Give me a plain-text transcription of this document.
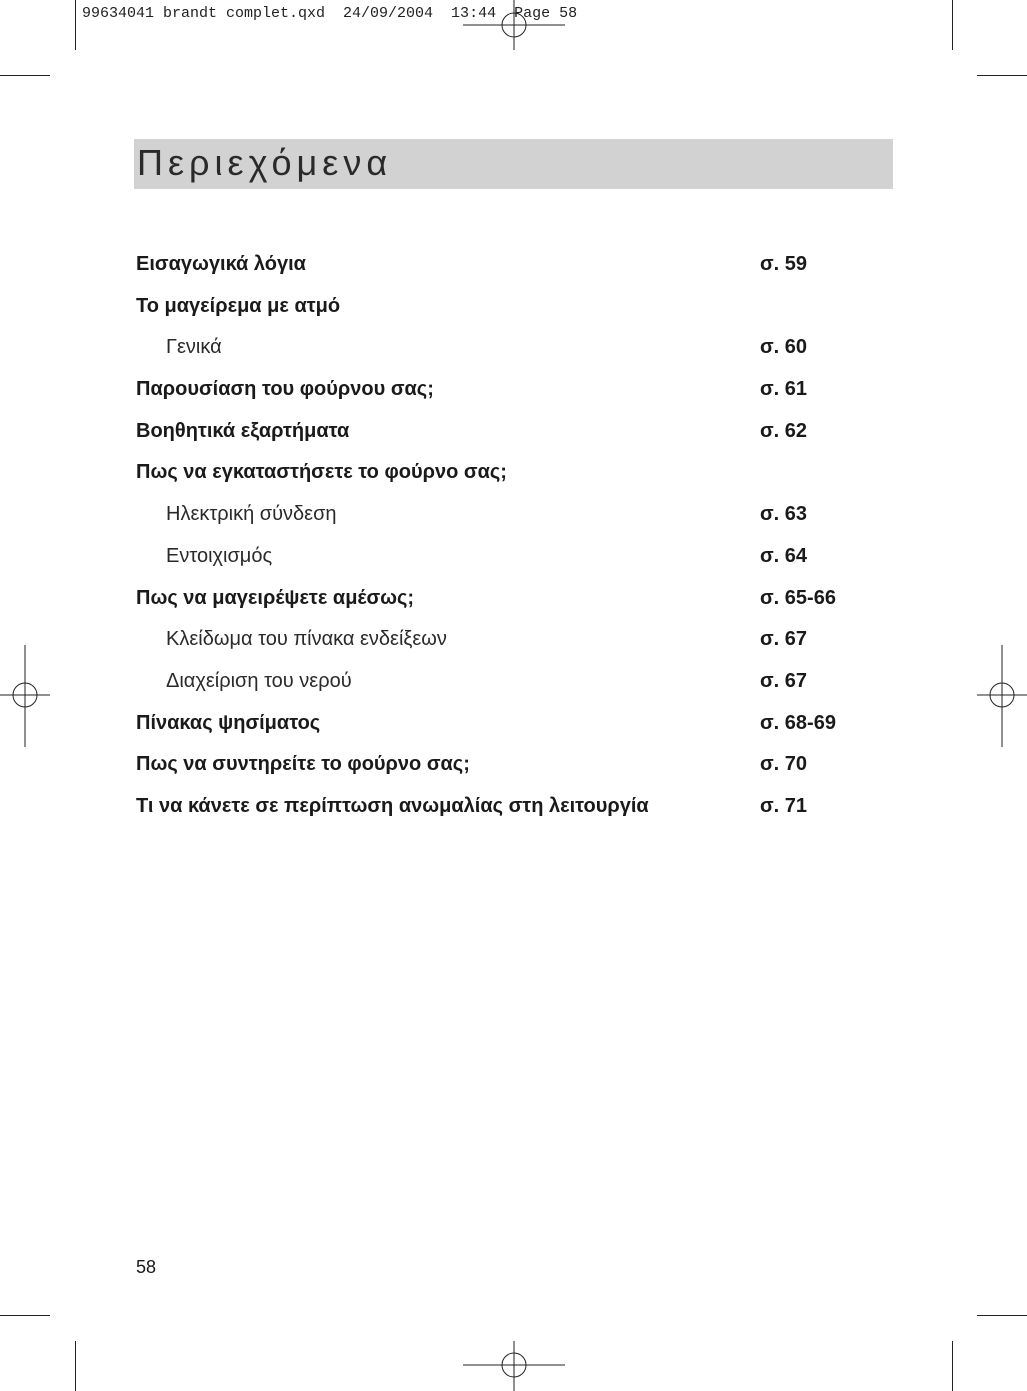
99634041 brandt complet.qxd  24/09/2004  13:44  Page 58
Περιεχόμενα
Εισαγωγικά λόγια	σ. 59
Το μαγείρεμα με ατμό
Γενικά	σ. 60
Παρουσίαση του φούρνου σας;	σ. 61
Βοηθητικά εξαρτήματα	σ. 62
Πως να εγκαταστήσετε το φούρνο σας;
Ηλεκτρική σύνδεση	σ. 63
Εντοιχισμός	σ. 64
Πως να μαγειρέψετε αμέσως;	σ. 65-66
Κλείδωμα του πίνακα ενδείξεων	σ. 67
Διαχείριση του νερού	σ. 67
Πίνακας ψησίματος	σ. 68-69
Πως να συντηρείτε το φούρνο σας;	σ. 70
Τι να κάνετε σε περίπτωση ανωμαλίας στη λειτουργία	σ. 71
58
